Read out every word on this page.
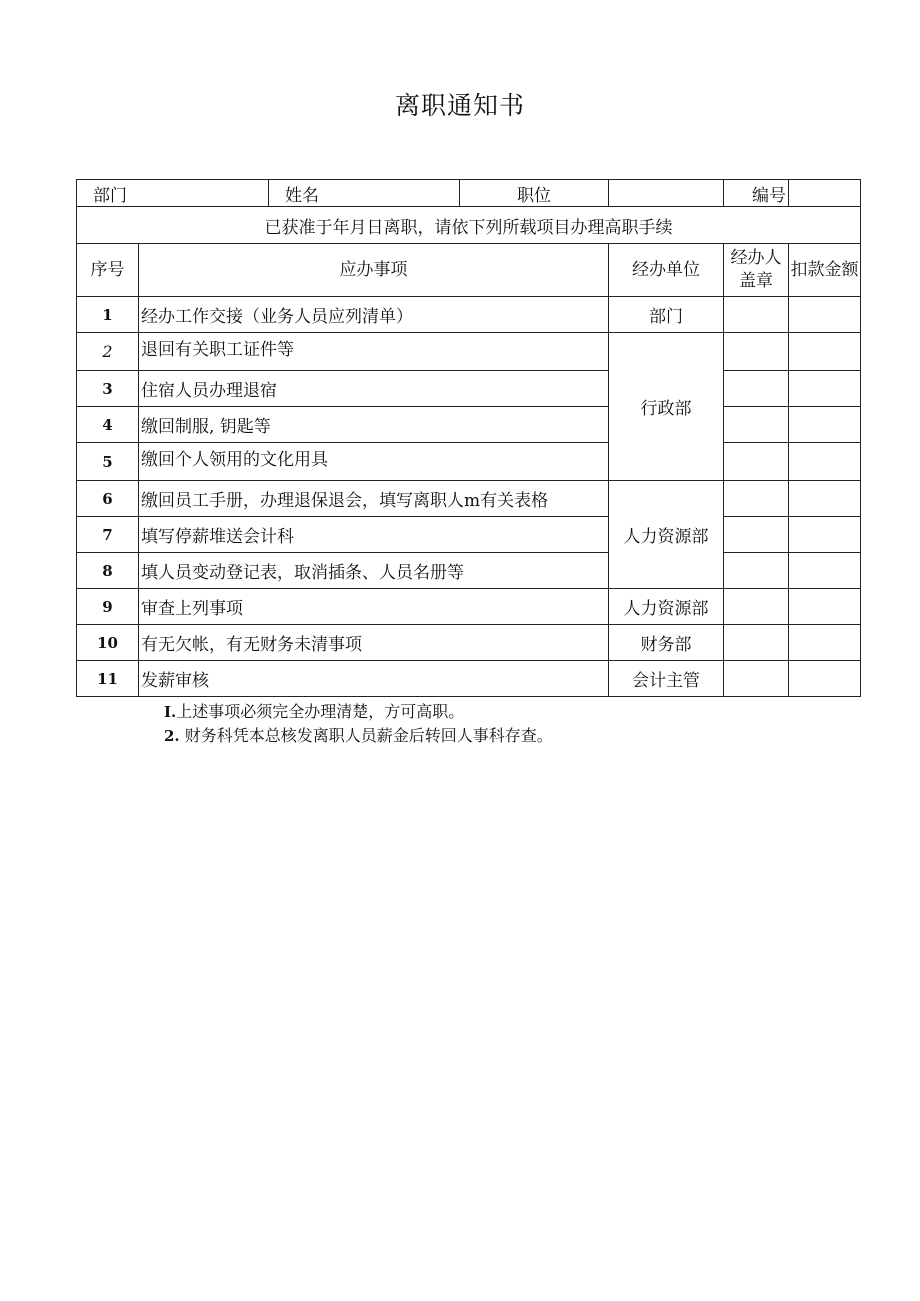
离职通知书
部门		姓名	职位		编号	
已获准于年月日离职，请依下列所载项目办理高职手续						
序号	应办事项			经办单位	经办人盖章	扣款金额
1	经办工作交接（业务人员应列清单）			部门		
2	退回有关职工证件等			行政部		
3	住宿人员办理退宿					
4	缴回制服, 钥匙等					
5	缴回个人领用的文化用具					
6	缴回员工手册，办理退保退会，填写离职人m有关表格			人力资源部		
7	填写停薪堆送会计科					
8	填人员变动登记表，取消插条、人员名册等					
9	审查上列事项			人力资源部		
10	有无欠帐，有无财务未清事项			财务部		
11	发薪审核			会计主管		
I.上述事项必须完全办理清楚，方可高职。
2. 财务科凭本总核发离职人员薪金后转回人事科存查。
